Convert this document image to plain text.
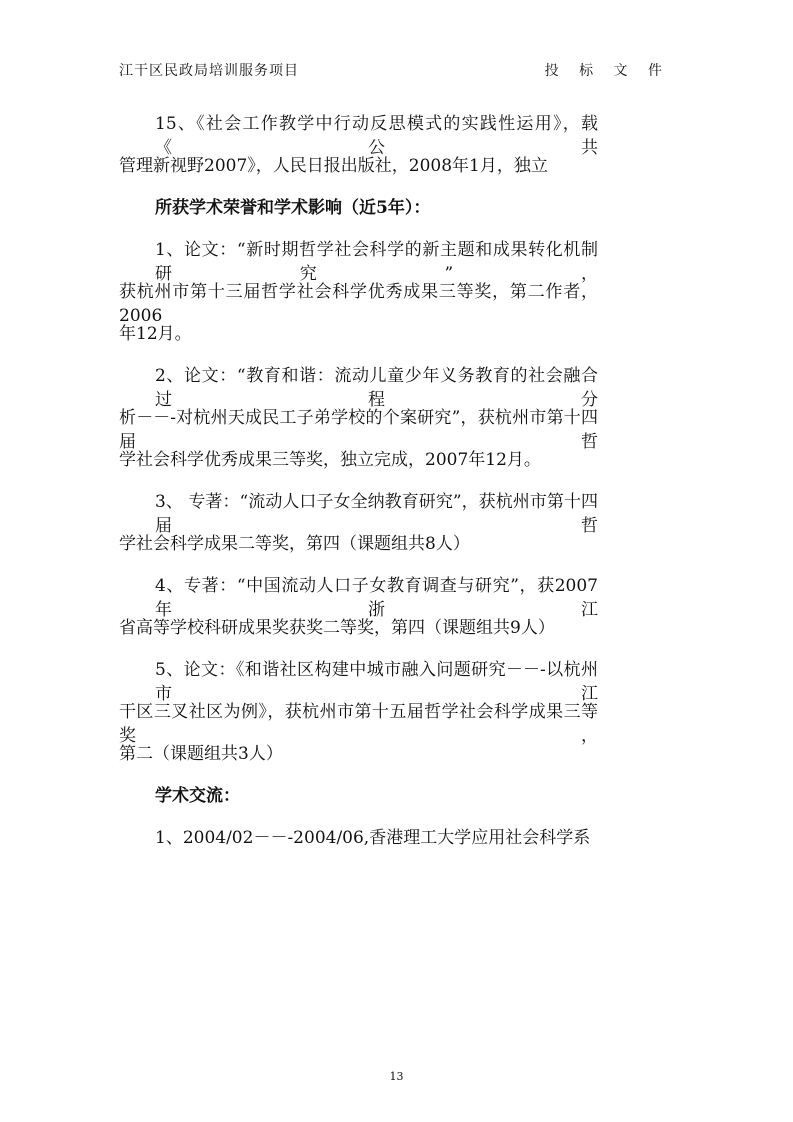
江干区民政局培训服务项目	投 标 文 件
15、《社会工作教学中行动反思模式的实践性运用》，载《公共
管理新视野2007》，人民日报出版社，2008年1月，独立
所获学术荣誉和学术影响（近5年）：
1、论文：“新时期哲学社会科学的新主题和成果转化机制研究”，
获杭州市第十三届哲学社会科学优秀成果三等奖，第二作者，2006
年12月。
2、论文：“教育和谐：流动儿童少年义务教育的社会融合过程分
析－－-对杭州天成民工子弟学校的个案研究”，获杭州市第十四届哲
学社会科学优秀成果三等奖，独立完成，2007年12月。
3、 专著：“流动人口子女全纳教育研究”，获杭州市第十四届哲
学社会科学成果二等奖，第四（课题组共8人）
4、专著：“中国流动人口子女教育调查与研究”，获2007年浙江
省高等学校科研成果奖获奖二等奖，第四（课题组共9人）
5、论文：《和谐社区构建中城市融入问题研究－－-以杭州市江
干区三叉社区为例》，获杭州市第十五届哲学社会科学成果三等奖，
第二（课题组共3人）
学术交流：
1、2004/02－－-2004/06,香港理工大学应用社会科学系
13
